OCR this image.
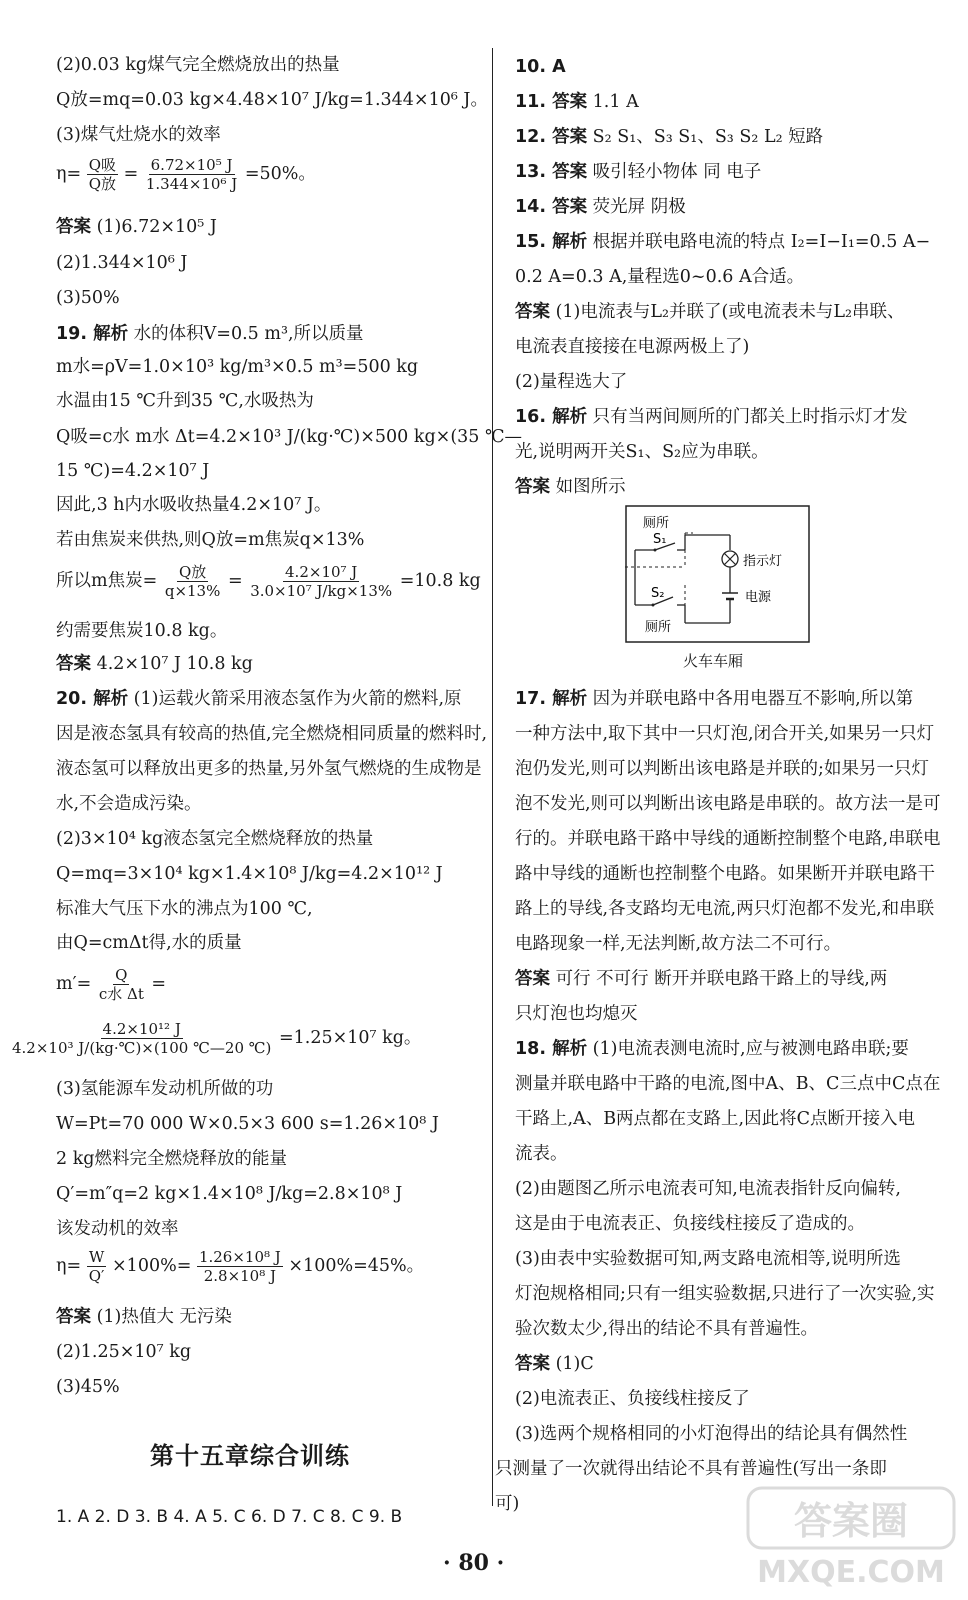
(2)0.03 kg煤气完全燃烧放出的热量
Q放=mq=0.03 kg×4.48×10⁷ J/kg=1.344×10⁶ J。
(3)煤气灶烧水的效率
$\eta= \frac{\text{Q吸}}{\text{Q放}} = \frac{\text{6.72×10⁵ J}}{\text{1.344×10⁶ J}} =50\%$。
答案 (1)6.72×10⁵ J
(2)1.344×10⁶ J
(3)50%
19. 解析 水的体积V=0.5 m³,所以质量
m水=ρV=1.0×10³ kg/m³×0.5 m³=500 kg
水温由15 ℃升到35 ℃,水吸热为
Q吸=c水 m水 Δt=4.2×10³ J/(kg·℃)×500 kg×(35 ℃—
15 ℃)=4.2×10⁷ J
因此,3 h内水吸收热量4.2×10⁷ J。
若由焦炭来供热,则Q放=m焦炭q×13%
所以m焦炭= $\frac{\text{Q放}}{q\times 13\%} = \frac{\text{4.2×10⁷ J}}{\text{3.0×10⁷ J/kg×13\%}} =10.8$ kg
约需要焦炭10.8 kg。
答案 4.2×10⁷ J 10.8 kg
20. 解析 (1)运载火箭采用液态氢作为火箭的燃料,原
因是液态氢具有较高的热值,完全燃烧相同质量的燃料时,
液态氢可以释放出更多的热量,另外氢气燃烧的生成物是
水,不会造成污染。
(2)3×10⁴ kg液态氢完全燃烧释放的热量
Q=mq=3×10⁴ kg×1.4×10⁸ J/kg=4.2×10¹² J
标准大气压下水的沸点为100 ℃,
由Q=cmΔt得,水的质量
$m'= \frac{Q}{\text{c水 Δt}}$ =
$\frac{\text{4.2×10¹² J}}{\text{4.2×10³ J/(kg·℃)×(100 ℃—20 ℃)}} =1.25\times 10^7$ kg。
(3)氢能源车发动机所做的功
W=Pt=70 000 W×0.5×3 600 s=1.26×10⁸ J
2 kg燃料完全燃烧释放的能量
Q′=m″q=2 kg×1.4×10⁸ J/kg=2.8×10⁸ J
该发动机的效率
$\eta= \frac{W}{Q'} \times 100\%= \frac{\text{1.26×10⁸ J}}{\text{2.8×10⁸ J}} \times 100\%=45\%$。
答案 (1)热值大 无污染
(2)1.25×10⁷ kg
(3)45%
第十五章综合训练
1. A 2. D 3. B 4. A 5. C 6. D 7. C 8. C 9. B
10. A
11. 答案 1.1 A
12. 答案 S₂ S₁、S₃ S₁、S₃ S₂ L₂ 短路
13. 答案 吸引轻小物体 同 电子
14. 答案 荧光屏 阴极
15. 解析 根据并联电路电流的特点 I₂=I−I₁=0.5 A−
0.2 A=0.3 A,量程选0~0.6 A合适。
答案 (1)电流表与L₂并联了(或电流表未与L₂串联、
电流表直接接在电源两极上了)
(2)量程选大了
16. 解析 只有当两间厕所的门都关上时指示灯才发
光,说明两开关S₁、S₂应为串联。
答案 如图所示
17. 解析 因为并联电路中各用电器互不影响,所以第
一种方法中,取下其中一只灯泡,闭合开关,如果另一只灯
泡仍发光,则可以判断出该电路是并联的;如果另一只灯
泡不发光,则可以判断出该电路是串联的。故方法一是可
行的。并联电路干路中导线的通断控制整个电路,串联电
路中导线的通断也控制整个电路。如果断开并联电路干
路上的导线,各支路均无电流,两只灯泡都不发光,和串联
电路现象一样,无法判断,故方法二不可行。
答案 可行 不可行 断开并联电路干路上的导线,两
只灯泡也均熄灭
18. 解析 (1)电流表测电流时,应与被测电路串联;要
测量并联电路中干路的电流,图中A、B、C三点中C点在
干路上,A、B两点都在支路上,因此将C点断开接入电
流表。
(2)由题图乙所示电流表可知,电流表指针反向偏转,
这是由于电流表正、负接线柱接反了造成的。
(3)由表中实验数据可知,两支路电流相等,说明所选
灯泡规格相同;只有一组实验数据,只进行了一次实验,实
验次数太少,得出的结论不具有普遍性。
答案 (1)C
(2)电流表正、负接线柱接反了
(3)选两个规格相同的小灯泡得出的结论具有偶然性
只测量了一次就得出结论不具有普遍性(写出一条即
可)
厕所
S₁
指示灯
S₂	电源
厕所
火车车厢
· 80 ·
答案圈
MXQE.COM
